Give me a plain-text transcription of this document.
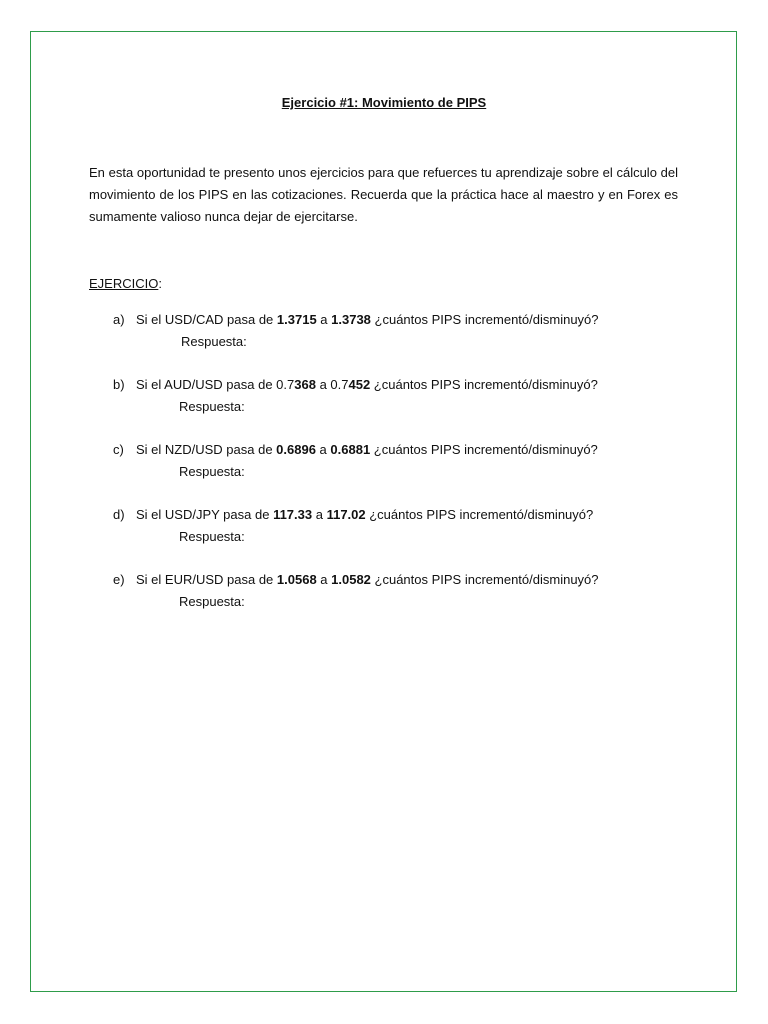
Ejercicio #1: Movimiento de PIPS

En esta oportunidad te presento unos ejercicios para que refuerces tu aprendizaje sobre el cálculo del movimiento de los PIPS en las cotizaciones. Recuerda que la práctica hace al maestro y en Forex es sumamente valioso nunca dejar de ejercitarse.

EJERCICIO:
a) Si el USD/CAD pasa de 1.3715 a 1.3738 ¿cuántos PIPS incrementó/disminuyó?
Respuesta:
b) Si el AUD/USD pasa de 0.7368 a 0.7452 ¿cuántos PIPS incrementó/disminuyó?
Respuesta:
c) Si el NZD/USD pasa de 0.6896 a 0.6881 ¿cuántos PIPS incrementó/disminuyó?
Respuesta:
d) Si el USD/JPY pasa de 117.33 a 117.02 ¿cuántos PIPS incrementó/disminuyó?
Respuesta:
e) Si el EUR/USD pasa de 1.0568 a 1.0582 ¿cuántos PIPS incrementó/disminuyó?
Respuesta:
